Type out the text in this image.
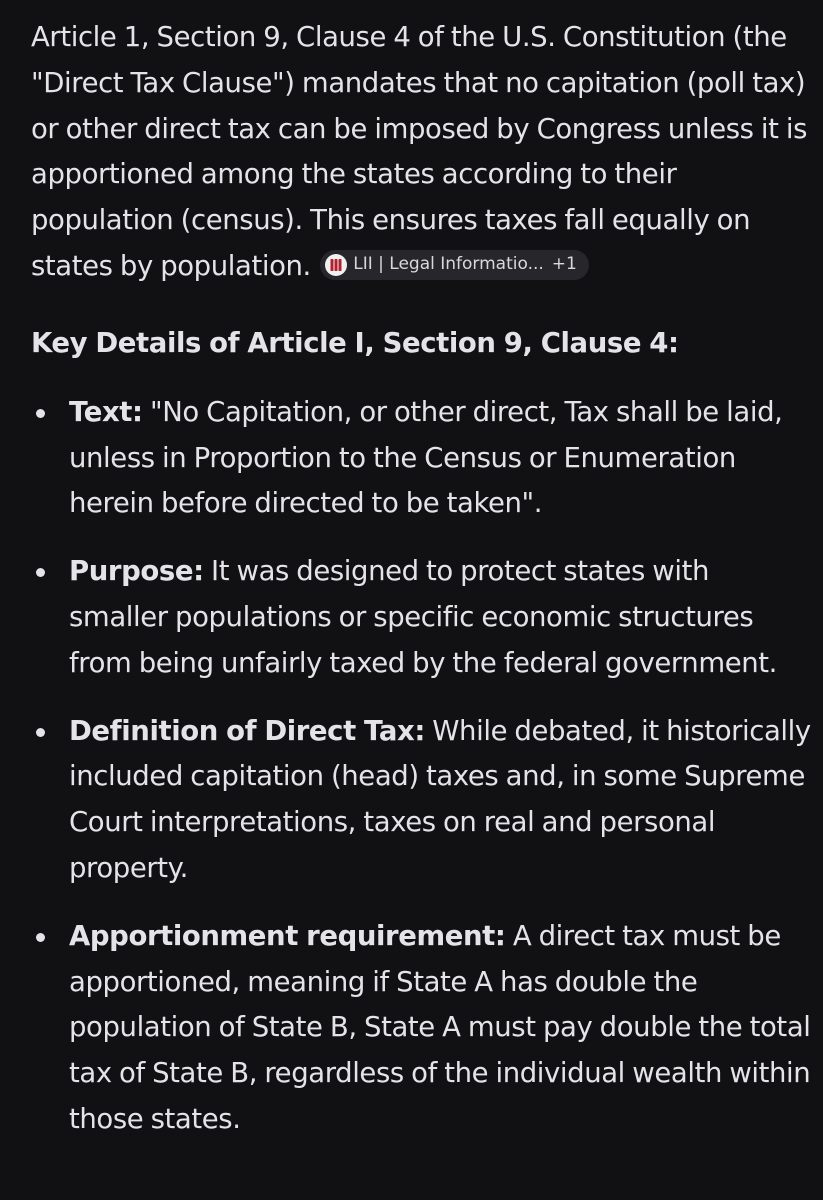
Article 1, Section 9, Clause 4 of the U.S. Constitution (the "Direct Tax Clause") mandates that no capitation (poll tax) or other direct tax can be imposed by Congress unless it is apportioned among the states according to their population (census). This ensures taxes fall equally on states by population. LII | Legal Informatio... +1

Key Details of Article I, Section 9, Clause 4:
Text: "No Capitation, or other direct, Tax shall be laid, unless in Proportion to the Census or Enumeration herein before directed to be taken".
Purpose: It was designed to protect states with smaller populations or specific economic structures from being unfairly taxed by the federal government.
Definition of Direct Tax: While debated, it historically included capitation (head) taxes and, in some Supreme Court interpretations, taxes on real and personal property.
Apportionment requirement: A direct tax must be apportioned, meaning if State A has double the population of State B, State A must pay double the total tax of State B, regardless of the individual wealth within those states.
